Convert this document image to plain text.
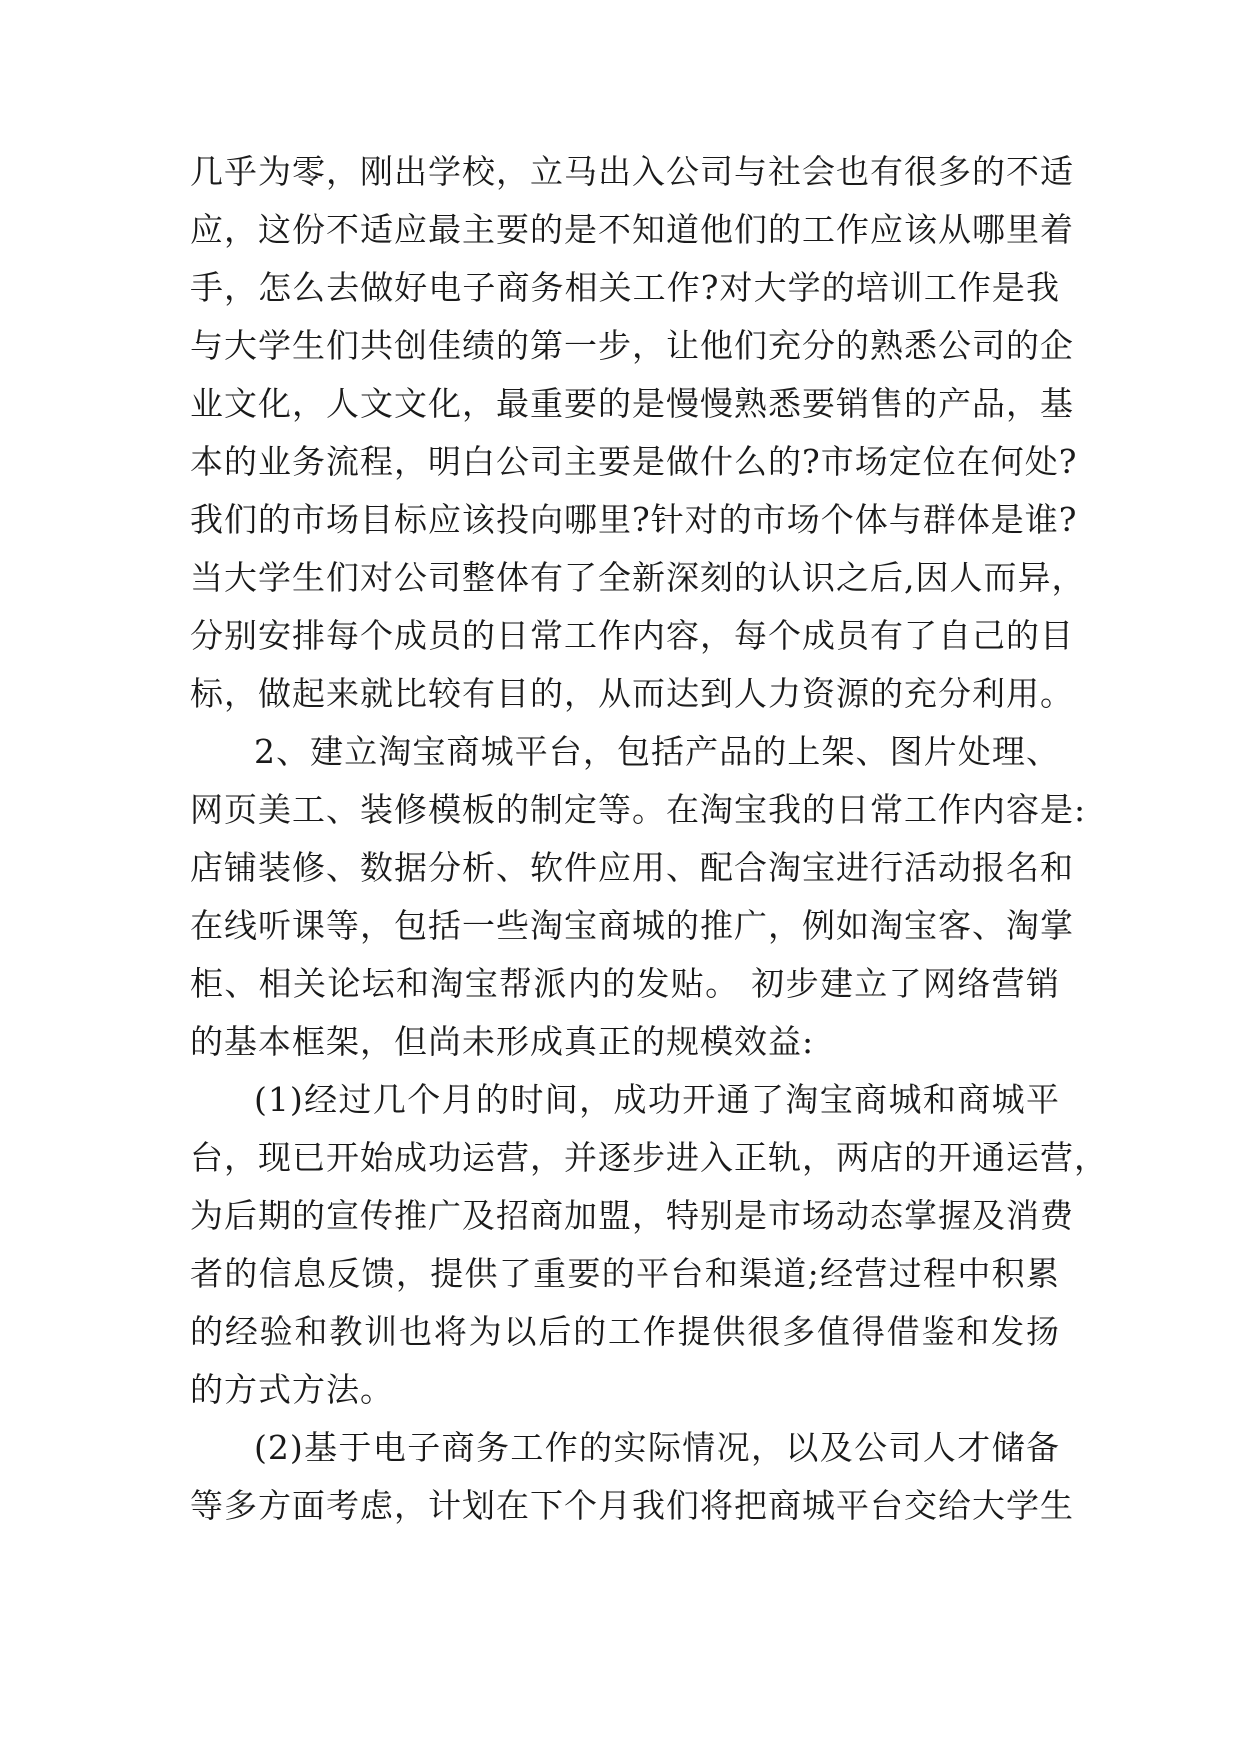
几乎为零，刚出学校，立马出入公司与社会也有很多的不适
应，这份不适应最主要的是不知道他们的工作应该从哪里着
手，怎么去做好电子商务相关工作?对大学的培训工作是我
与大学生们共创佳绩的第一步，让他们充分的熟悉公司的企
业文化，人文文化，最重要的是慢慢熟悉要销售的产品，基
本的业务流程，明白公司主要是做什么的?市场定位在何处?
我们的市场目标应该投向哪里?针对的市场个体与群体是谁?
当大学生们对公司整体有了全新深刻的认识之后,因人而异，
分别安排每个成员的日常工作内容，每个成员有了自己的目
标，做起来就比较有目的，从而达到人力资源的充分利用。
2、建立淘宝商城平台，包括产品的上架、图片处理、
网页美工、装修模板的制定等。在淘宝我的日常工作内容是:
店铺装修、数据分析、软件应用、配合淘宝进行活动报名和
在线听课等，包括一些淘宝商城的推广，例如淘宝客、淘掌
柜、相关论坛和淘宝帮派内的发贴。 初步建立了网络营销
的基本框架，但尚未形成真正的规模效益:
(1)经过几个月的时间，成功开通了淘宝商城和商城平
台，现已开始成功运营，并逐步进入正轨，两店的开通运营，
为后期的宣传推广及招商加盟，特别是市场动态掌握及消费
者的信息反馈，提供了重要的平台和渠道;经营过程中积累
的经验和教训也将为以后的工作提供很多值得借鉴和发扬
的方式方法。
(2)基于电子商务工作的实际情况，以及公司人才储备
等多方面考虑，计划在下个月我们将把商城平台交给大学生
